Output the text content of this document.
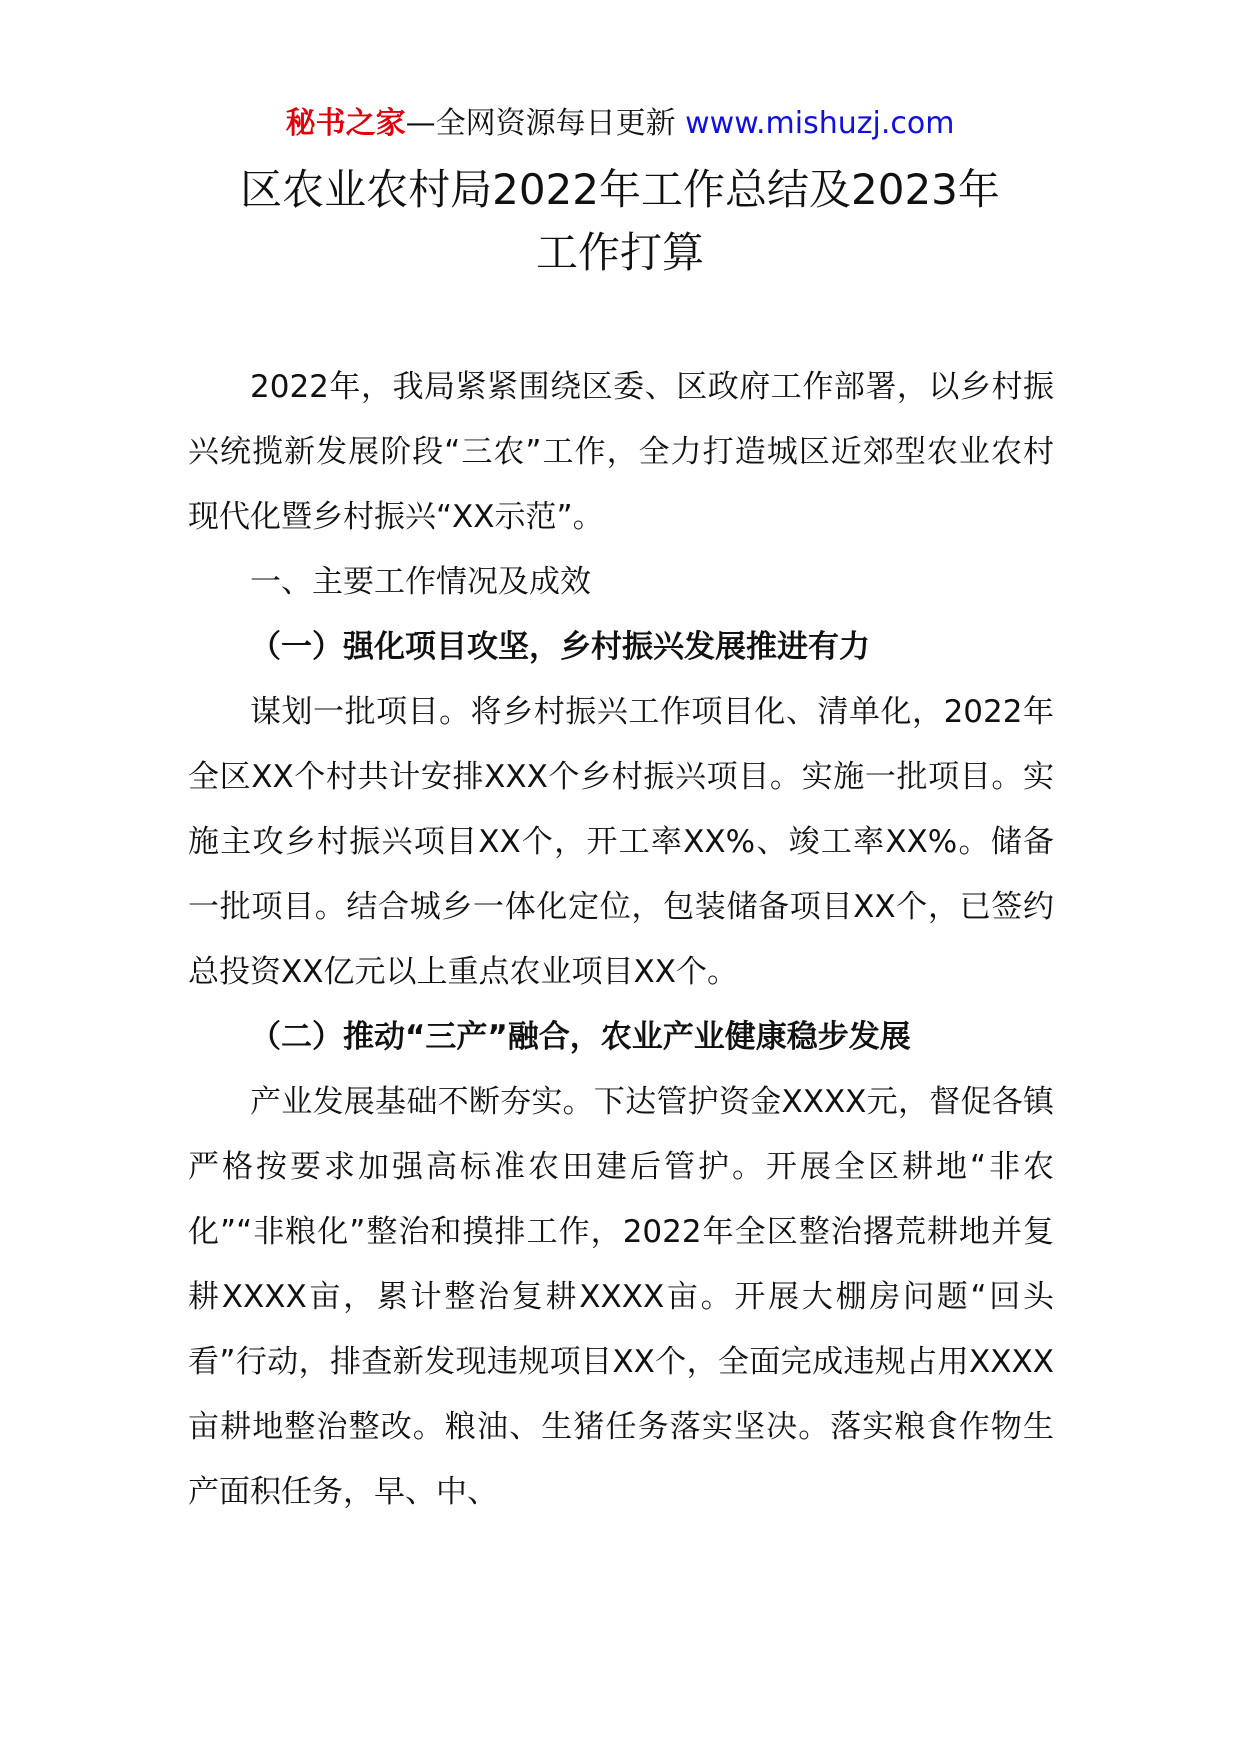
秘书之家—全网资源每日更新 www.mishuzj.com
区农业农村局2022年工作总结及2023年
工作打算

2022年，我局紧紧围绕区委、区政府工作部署，以乡村振兴统揽新发展阶段“三农”工作，全力打造城区近郊型农业农村现代化暨乡村振兴“XX示范”。

一、主要工作情况及成效

（一）强化项目攻坚，乡村振兴发展推进有力

谋划一批项目。将乡村振兴工作项目化、清单化，2022年全区XX个村共计安排XXX个乡村振兴项目。实施一批项目。实施主攻乡村振兴项目XX个，开工率XX%、竣工率XX%。储备一批项目。结合城乡一体化定位，包装储备项目XX个，已签约总投资XX亿元以上重点农业项目XX个。

（二）推动“三产”融合，农业产业健康稳步发展

产业发展基础不断夯实。下达管护资金XXXX元，督促各镇严格按要求加强高标准农田建后管护。开展全区耕地“非农化”“非粮化”整治和摸排工作，2022年全区整治撂荒耕地并复耕XXXX亩，累计整治复耕XXXX亩。开展大棚房问题“回头看”行动，排查新发现违规项目XX个，全面完成违规占用XXXX亩耕地整治整改。粮油、生猪任务落实坚决。落实粮食作物生产面积任务，早、中、
